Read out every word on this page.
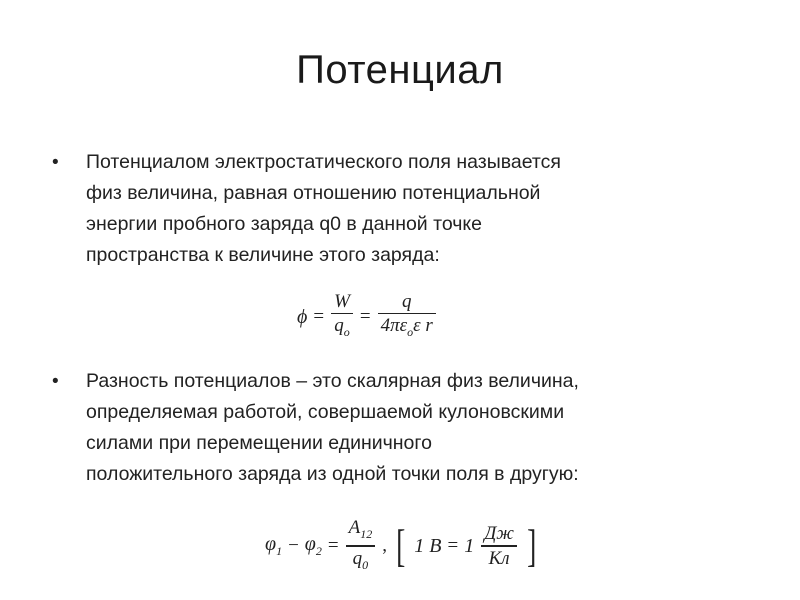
Потенциал
• Потенциалом электростатического поля называется
физ величина, равная отношению потенциальной
энергии пробного заряда q0 в данной точке
пространства к величине этого заряда:
$\phi = \frac{W}{q_o} = \frac{q}{4\pi\varepsilon_o\varepsilon r}$
• Разность потенциалов – это скалярная физ величина,
определяемая работой, совершаемой кулоновскими
силами при перемещении единичного
положительного заряда из одной точки поля в другую:
$\varphi_1 - \varphi_2 = \frac{A_{12}}{q_0}$ , [ 1 $B = 1 \frac{Дж}{Кл}$ ]
